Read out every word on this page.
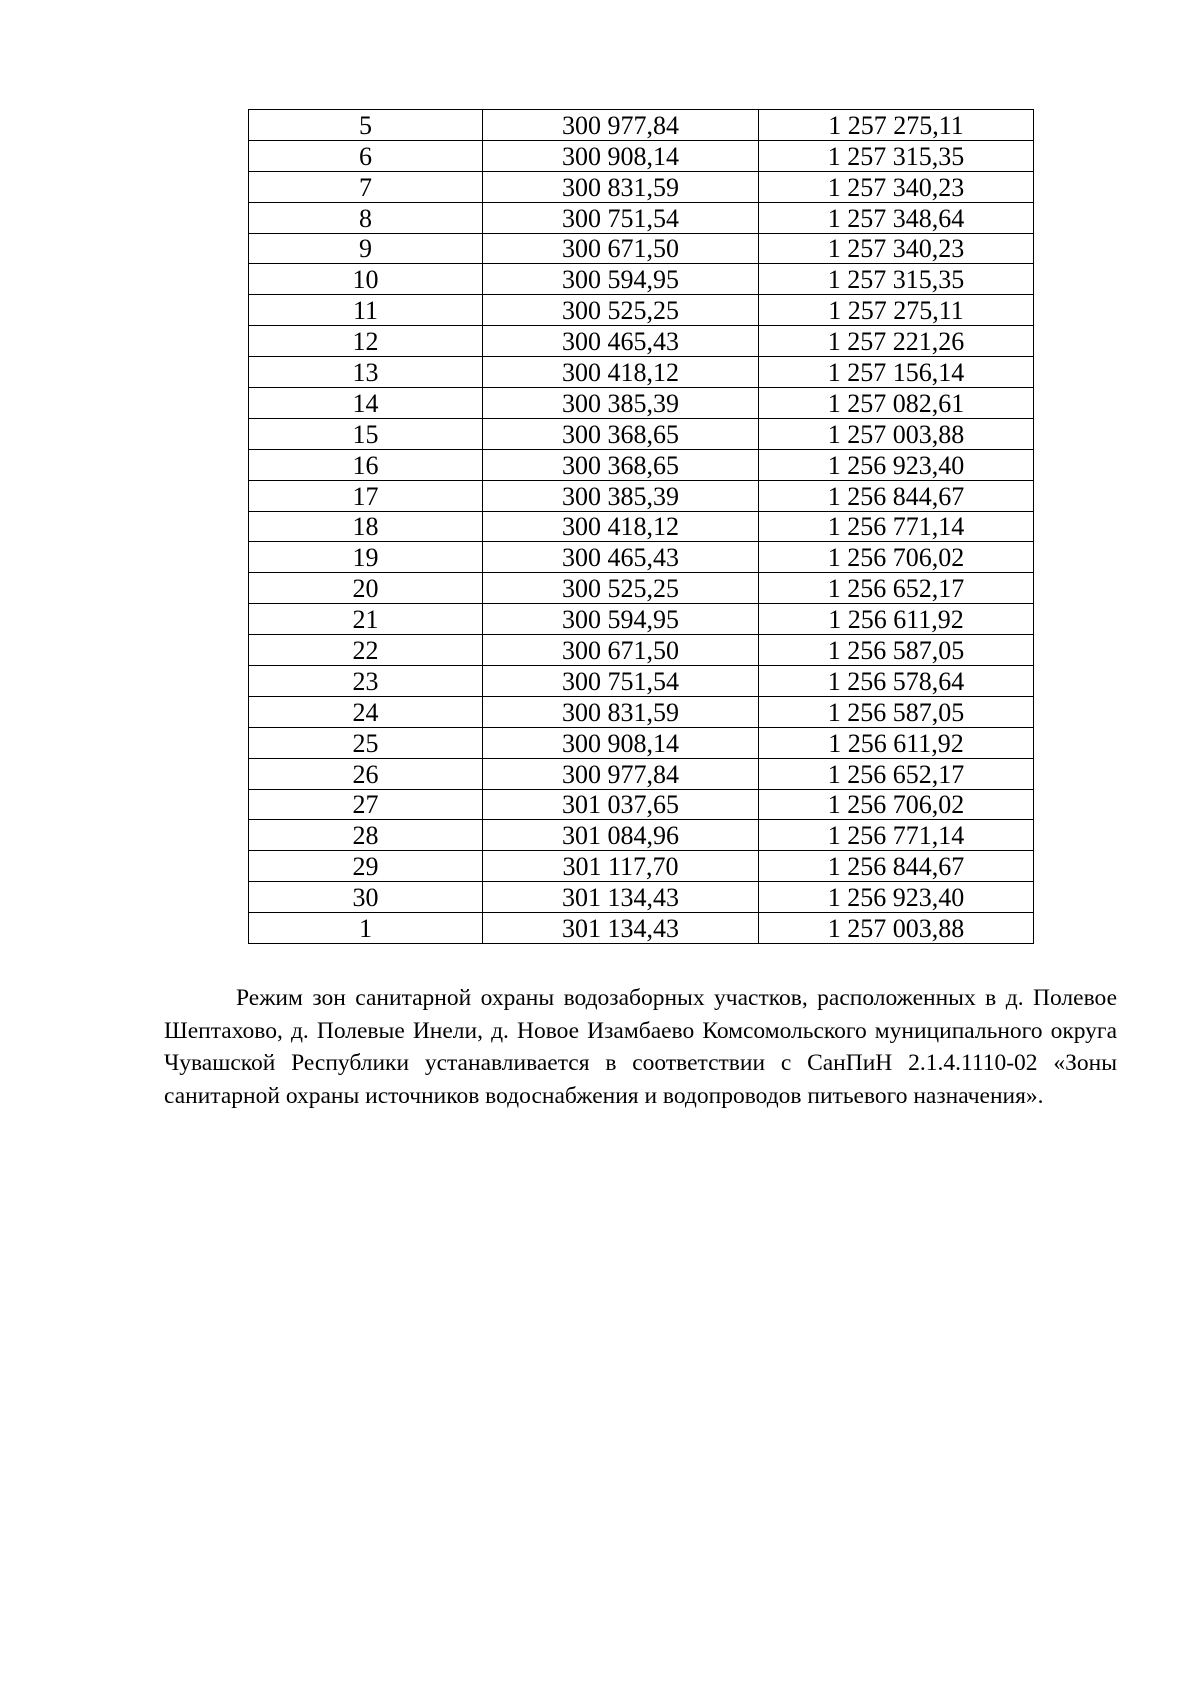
5	300 977,84	1 257 275,11
6	300 908,14	1 257 315,35
7	300 831,59	1 257 340,23
8	300 751,54	1 257 348,64
9	300 671,50	1 257 340,23
10	300 594,95	1 257 315,35
11	300 525,25	1 257 275,11
12	300 465,43	1 257 221,26
13	300 418,12	1 257 156,14
14	300 385,39	1 257 082,61
15	300 368,65	1 257 003,88
16	300 368,65	1 256 923,40
17	300 385,39	1 256 844,67
18	300 418,12	1 256 771,14
19	300 465,43	1 256 706,02
20	300 525,25	1 256 652,17
21	300 594,95	1 256 611,92
22	300 671,50	1 256 587,05
23	300 751,54	1 256 578,64
24	300 831,59	1 256 587,05
25	300 908,14	1 256 611,92
26	300 977,84	1 256 652,17
27	301 037,65	1 256 706,02
28	301 084,96	1 256 771,14
29	301 117,70	1 256 844,67
30	301 134,43	1 256 923,40
1	301 134,43	1 257 003,88

Режим зон санитарной охраны водозаборных участков, расположенных в д. Полевое Шептахово, д. Полевые Инели, д. Новое Изамбаево Комсомольского муниципального округа Чувашской Республики устанавливается в соответствии с СанПиН 2.1.4.1110-02 «Зоны санитарной охраны источников водоснабжения и водопроводов питьевого назначения».
